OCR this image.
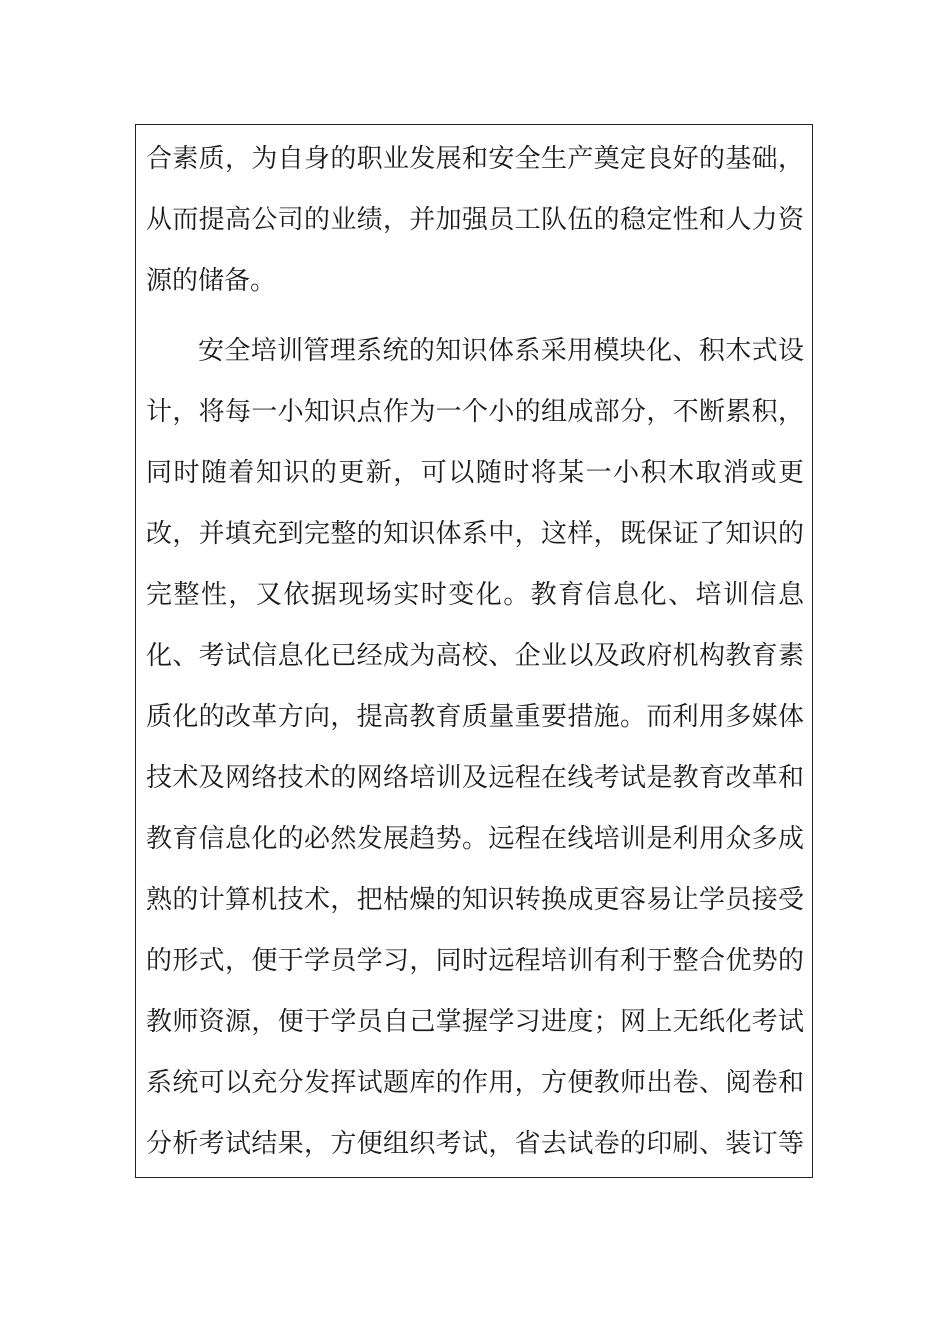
合素质，为自身的职业发展和安全生产奠定良好的基础，
从而提高公司的业绩，并加强员工队伍的稳定性和人力资
源的储备。
安全培训管理系统的知识体系采用模块化、积木式设
计，将每一小知识点作为一个小的组成部分，不断累积，
同时随着知识的更新，可以随时将某一小积木取消或更
改，并填充到完整的知识体系中，这样，既保证了知识的
完整性，又依据现场实时变化。教育信息化、培训信息
化、考试信息化已经成为高校、企业以及政府机构教育素
质化的改革方向，提高教育质量重要措施。而利用多媒体
技术及网络技术的网络培训及远程在线考试是教育改革和
教育信息化的必然发展趋势。远程在线培训是利用众多成
熟的计算机技术，把枯燥的知识转换成更容易让学员接受
的形式，便于学员学习，同时远程培训有利于整合优势的
教师资源，便于学员自己掌握学习进度；网上无纸化考试
系统可以充分发挥试题库的作用，方便教师出卷、阅卷和
分析考试结果，方便组织考试，省去试卷的印刷、装订等
